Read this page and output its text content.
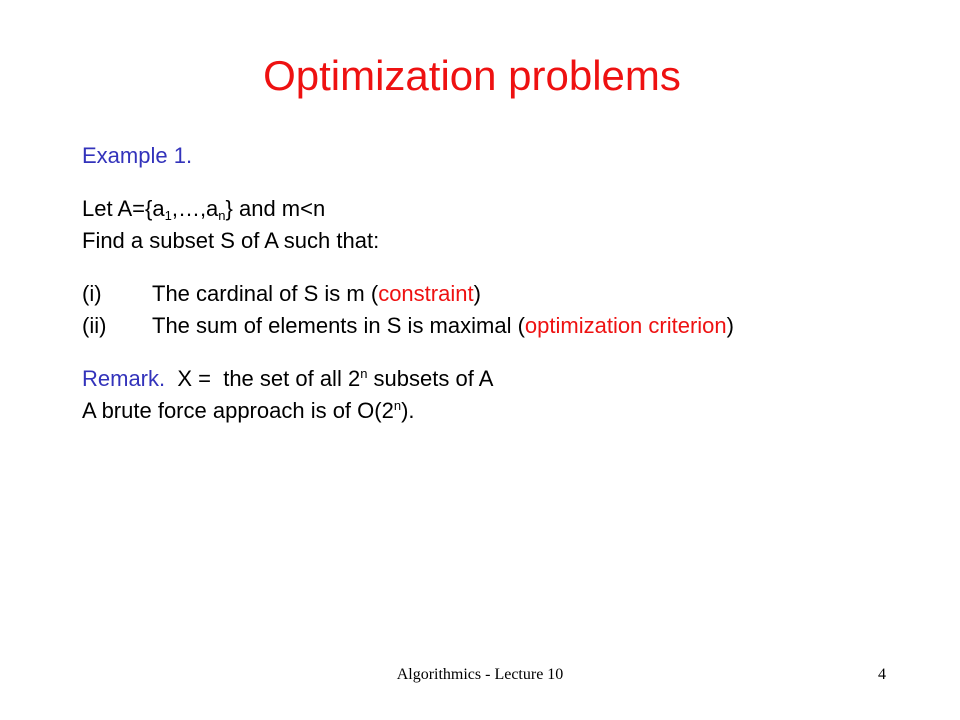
Optimization problems
Example 1.
Let $A=\{a_1,\dots,a_n\}$ and m<n
Find a subset S of A such that:
(i) The cardinal of S is m (constraint)
(ii) The sum of elements in S is maximal (optimization criterion)
Remark.  X =  the set of all 2$^n$ subsets of A
A brute force approach is of O(2$^n$).
Algorithmics - Lecture 10	4
